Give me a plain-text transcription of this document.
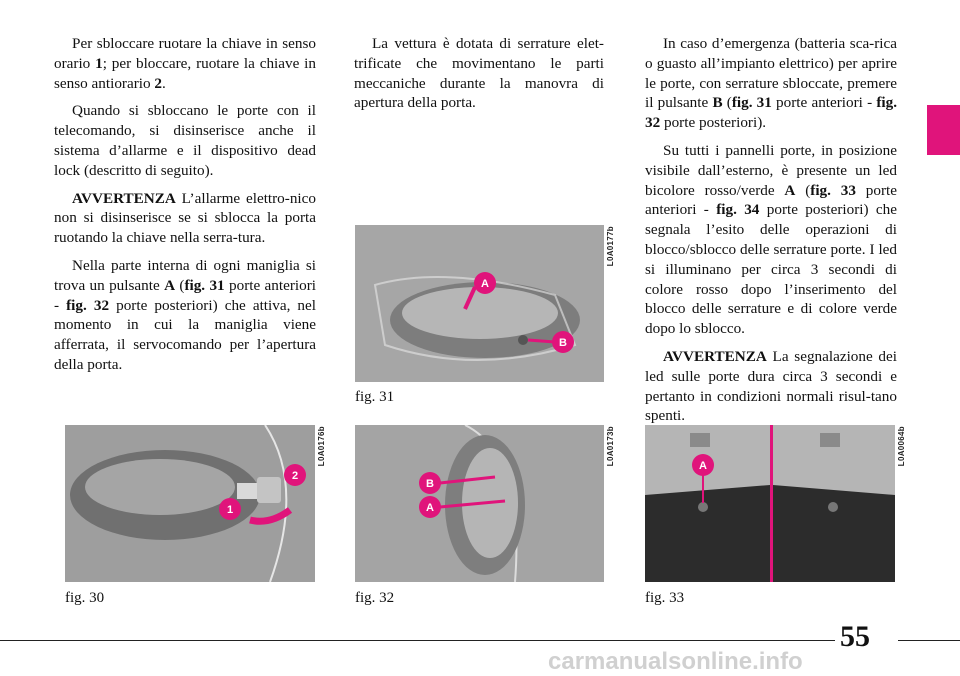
Per sbloccare ruotare la chiave in senso orario 1; per bloccare, ruotare la chiave in senso antiorario 2.

Quando si sbloccano le porte con il telecomando, si disinserisce anche il sistema d’allarme e il dispositivo dead lock (descritto di seguito).

AVVERTENZA L’allarme elettro-nico non si disinserisce se si sblocca la porta ruotando la chiave nella serra-tura.

Nella parte interna di ogni maniglia si trova un pulsante A (fig. 31 porte anteriori - fig. 32 porte posteriori) che attiva, nel momento in cui la maniglia viene afferrata, il servocomando per l’apertura della porta.

La vettura è dotata di serrature elet-trificate che movimentano le parti meccaniche durante la manovra di apertura della porta.

In caso d’emergenza (batteria sca-rica o guasto all’impianto elettrico) per aprire le porte, con serrature sbloccate, premere il pulsante B (fig. 31 porte anteriori - fig. 32 porte posteriori).

Su tutti i pannelli porte, in posizione visibile dall’esterno, è presente un led bicolore rosso/verde A (fig. 33 porte anteriori - fig. 34 porte posteriori) che segnala l’esito delle operazioni di blocco/sblocco delle serrature porte. I led si illuminano per circa 3 secondi di colore rosso dopo l’inserimento del blocco delle serrature e di colore verde dopo lo sblocco.

AVVERTENZA La segnalazione dei led sulle porte dura circa 3 secondi e pertanto in condizioni normali risul-tano spenti.

A
B
L0A0177b
fig. 31
1
2
L0A0176b
fig. 30
B
A
L0A0173b
fig. 32
A	L0A0064b
fig. 33
55
carmanualsonline.info
